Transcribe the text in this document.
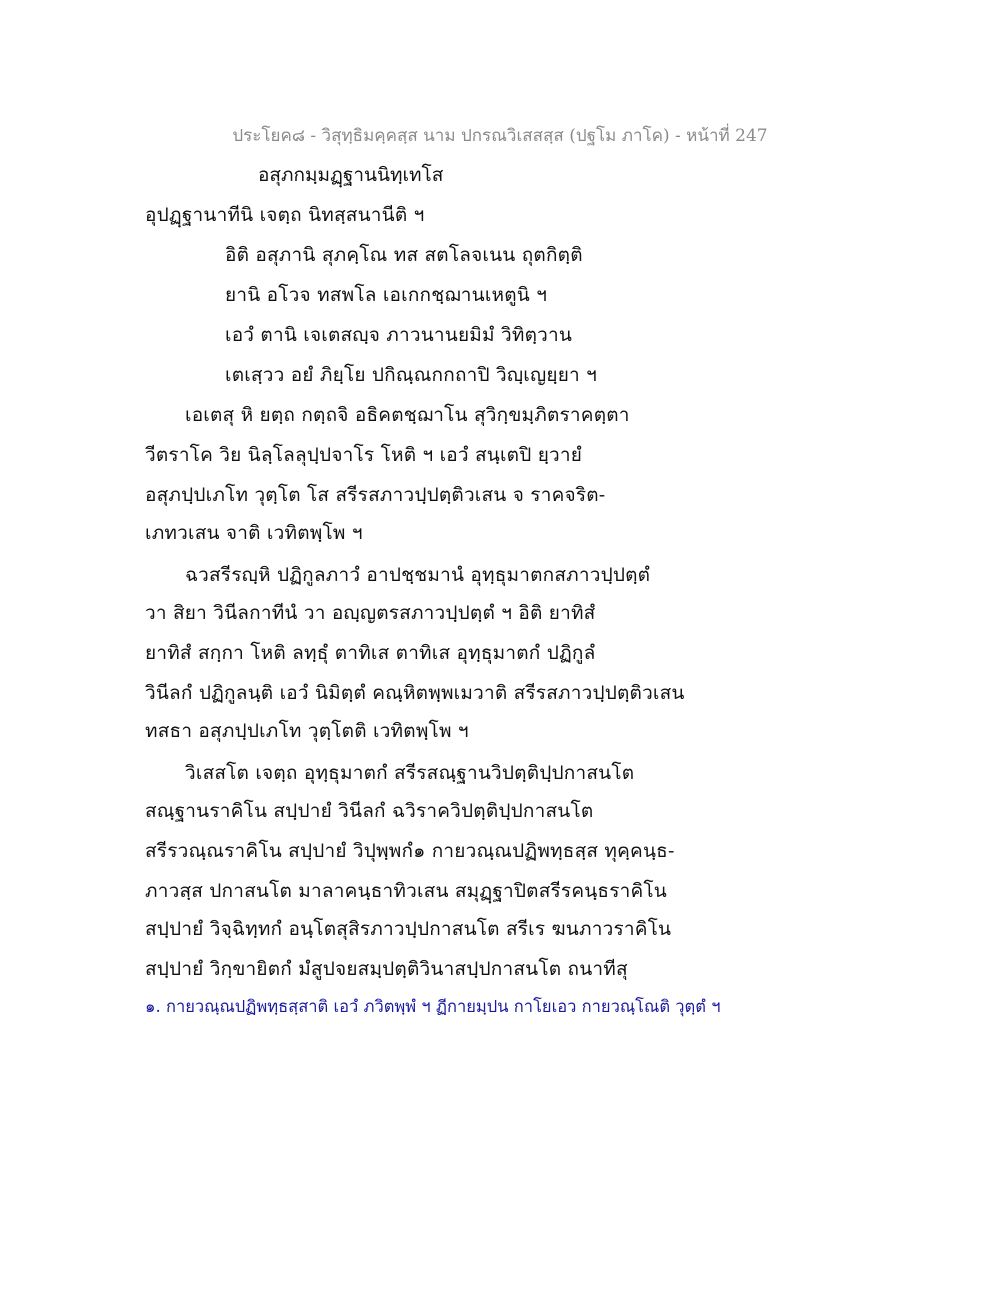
ประโยค๘ - วิสุทฺธิมคฺคสฺส นาม ปกรณวิเสสสฺส (ปฐโม ภาโค) - หน้าที่ 247
อสุภกมฺมฏฺฐานนิทฺเทโส
อุปฏฺฐานาทีนิ เจตฺถ นิทสฺสนานีติ ฯ
อิติ อสุภานิ สุภคฺโณ ทส สตโลจเนน ถุตกิตฺติ
ยานิ อโวจ ทสพโล เอเกกชฺฌานเหตูนิ ฯ
เอวํ ตานิ เจเตสญฺจ ภาวนานยมิมํ วิทิตฺวาน
เตเสฺวว อยํ ภิยฺโย ปกิณฺณกกถาปิ วิญฺเญยฺยา ฯ
เอเตสุ หิ ยตฺถ กตฺถจิ อธิคตชฺฌาโน สุวิกฺขมฺภิตราคตฺตา
วีตราโค วิย นิลฺโลลุปฺปจาโร โหติ ฯ เอวํ สนฺเตปิ ยฺวายํ
อสุภปฺปเภโท วุตฺโต โส สรีรสภาวปฺปตฺติวเสน จ ราคจริต-
เภทวเสน จาติ เวทิตพฺโพ ฯ
ฉวสรีรญฺหิ ปฏิกูลภาวํ อาปชฺชมานํ อุทฺธุมาตกสภาวปฺปตฺตํ
วา สิยา วินีลกาทีนํ วา อญฺญตรสภาวปฺปตฺตํ ฯ อิติ ยาทิสํ
ยาทิสํ สกฺกา โหติ ลทฺธุํ ตาทิเส ตาทิเส อุทฺธุมาตกํ ปฏิกูลํ
วินีลกํ ปฏิกูลนฺติ เอวํ นิมิตฺตํ คณฺหิตพฺพเมวาติ สรีรสภาวปฺปตฺติวเสน
ทสธา อสุภปฺปเภโท วุตฺโตติ เวทิตพฺโพ ฯ
วิเสสโต เจตฺถ อุทฺธุมาตกํ สรีรสณฺฐานวิปตฺติปฺปกาสนโต
สณฺฐานราคิโน สปฺปายํ วินีลกํ ฉวิราควิปตฺติปฺปกาสนโต
สรีรวณฺณราคิโน สปฺปายํ วิปุพฺพกํ๑ กายวณฺณปฏิพทฺธสฺส ทุคฺคนฺธ-
ภาวสฺส ปกาสนโต มาลาคนฺธาทิวเสน สมุฏฺฐาปิตสรีรคนฺธราคิโน
สปฺปายํ วิจฺฉิทฺทกํ อนฺโตสุสิรภาวปฺปกาสนโต สรีเร ฆนภาวราคิโน
สปฺปายํ วิกฺขายิตกํ มํสูปจยสมฺปตฺติวินาสปฺปกาสนโต ถนาทีสุ
๑. กายวณฺณปฏิพทฺธสฺสาติ เอวํ ภวิตพฺพํ ฯ ฏีกายมฺปน กาโยเอว กายวณฺโณติ วุตฺตํ ฯ
